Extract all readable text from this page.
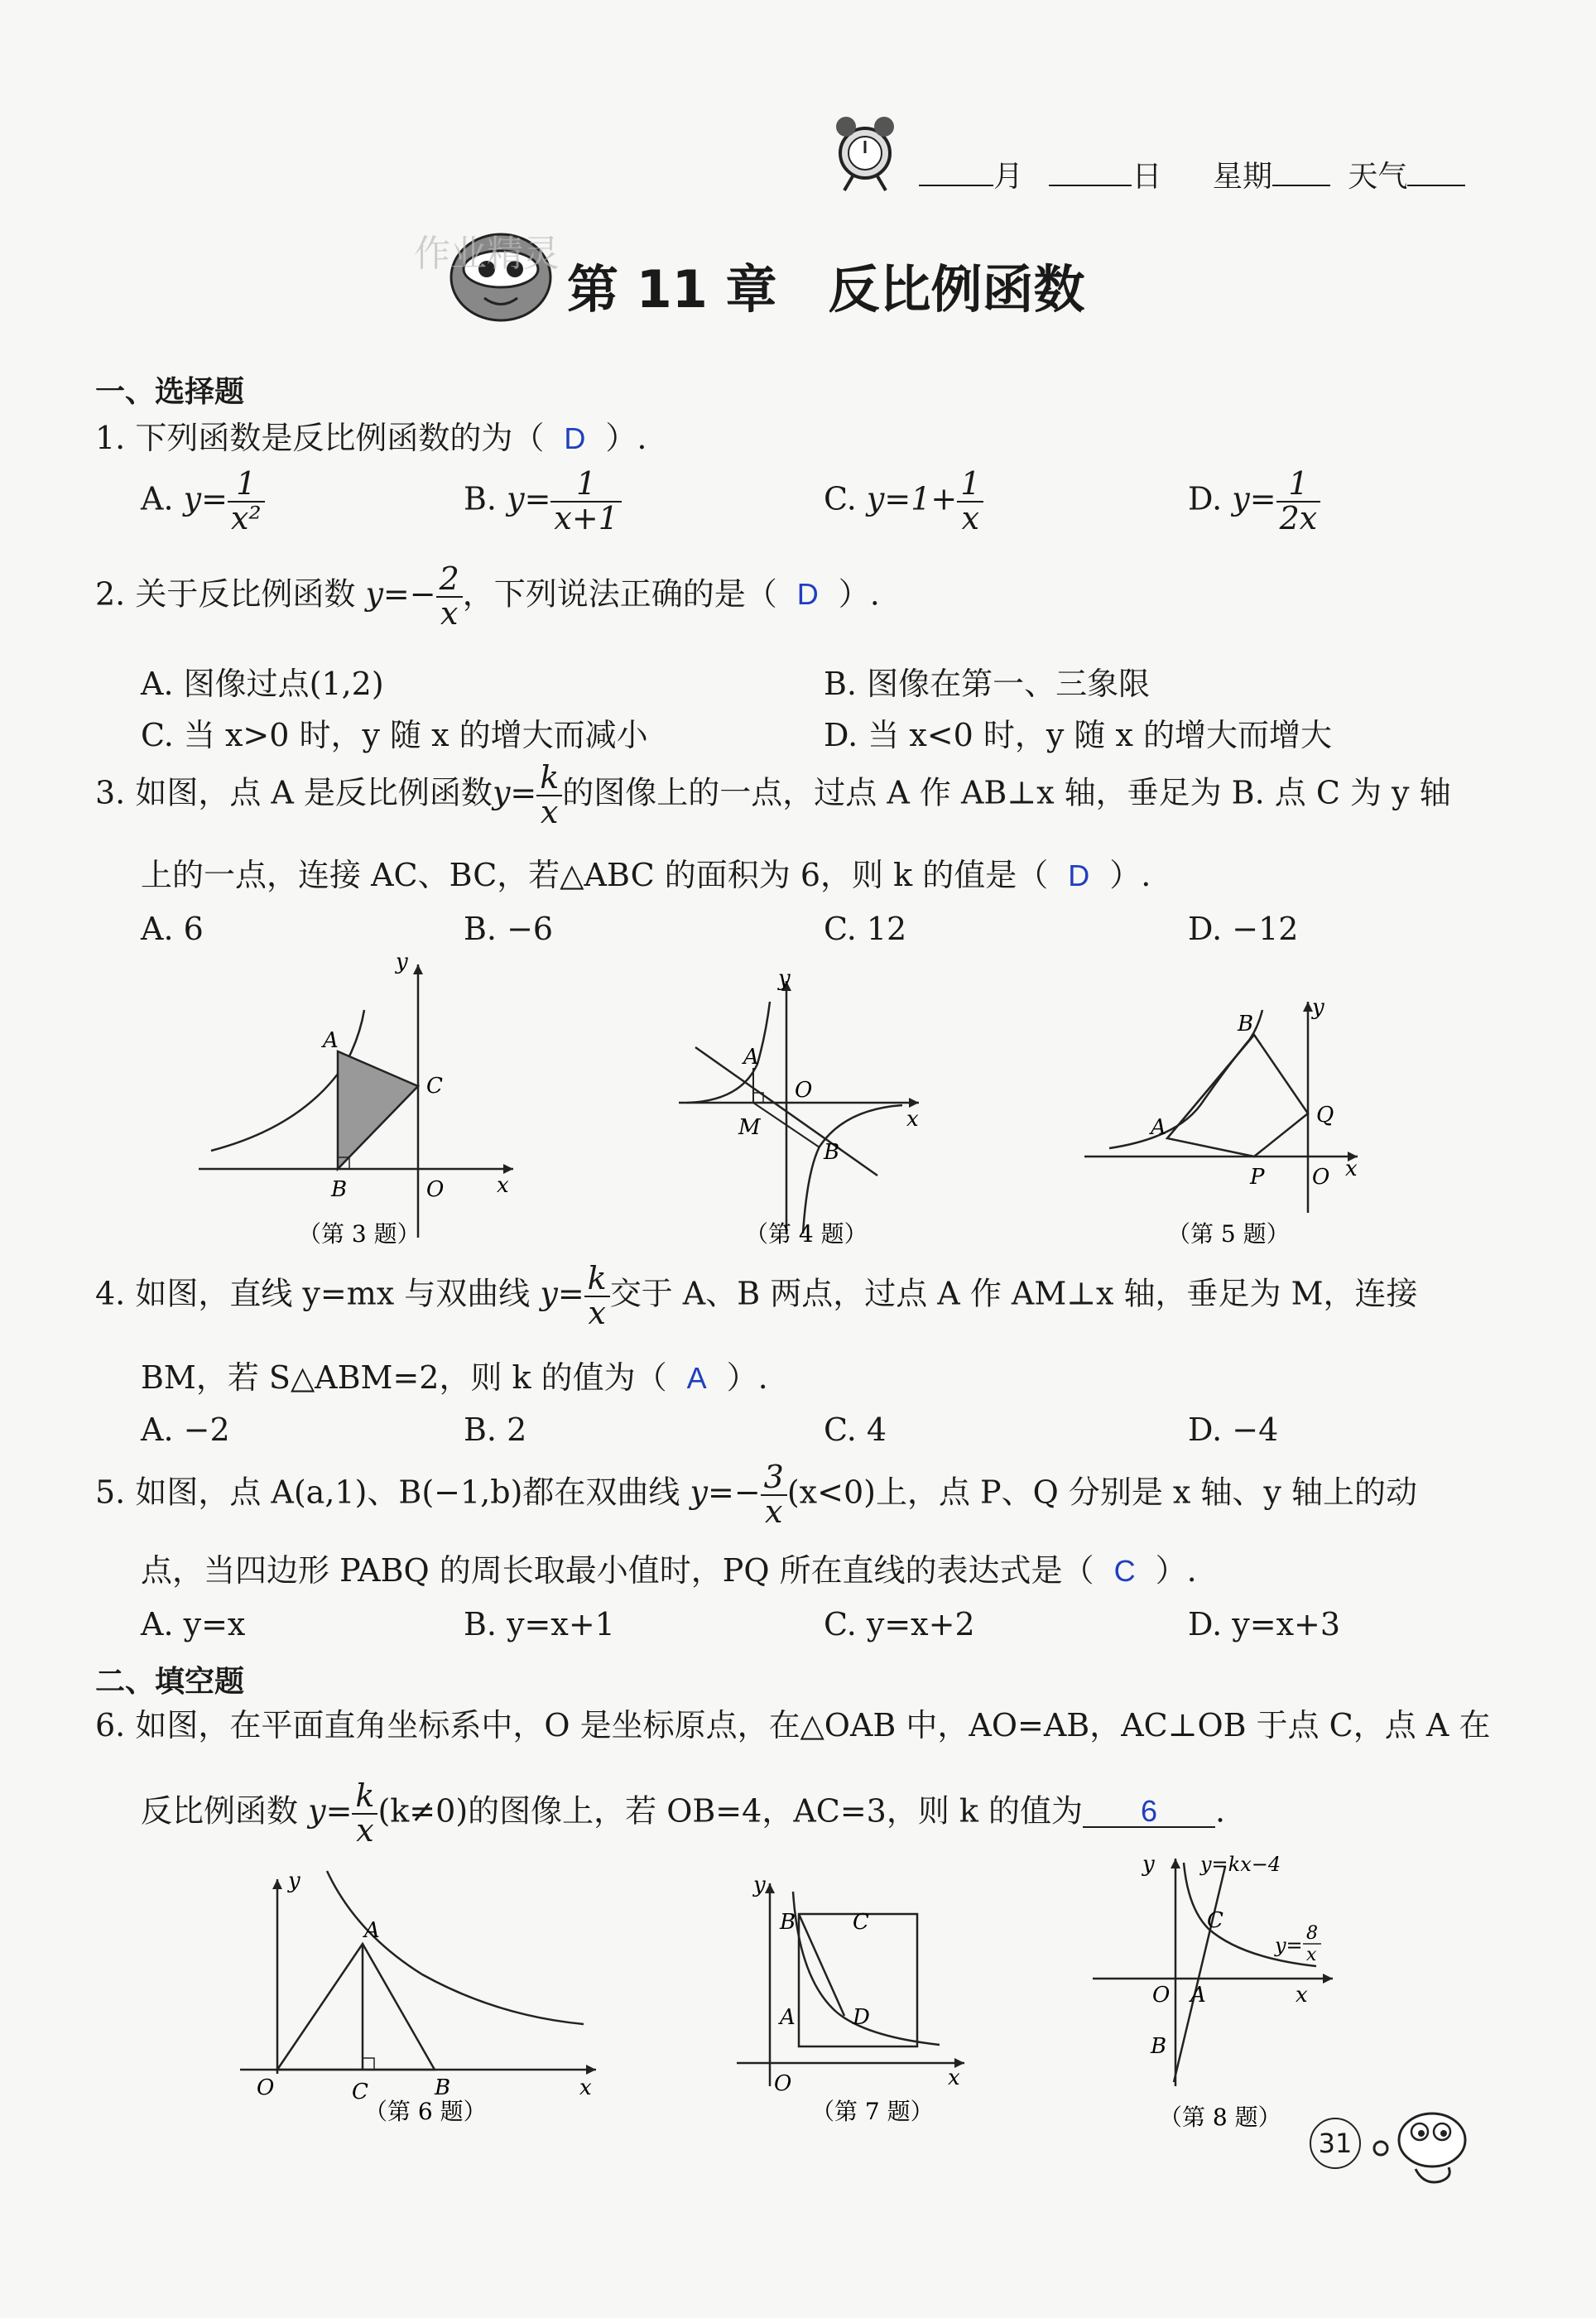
月	日 星期	天气
作业精灵
第 11 章　反比例函数
一、选择题
1. 下列函数是反比例函数的为（ D ）.
A. $y= \frac{1}{\text{x²}}$	B. $y= \frac{1}{x+1}$	C. $y=1+ \frac{1}{x}$	D. $y= \frac{1}{2x}$
2. 关于反比例函数 $y=- \frac{2}{x}$ ，下列说法正确的是（ D ）.
A. 图像过点(1,2)	B. 图像在第一、三象限
C. 当 x>0 时，y 随 x 的增大而减小	D. 当 x<0 时，y 随 x 的增大而增大
3. 如图，点 A 是反比例函数$y= \frac{k}{x}$ 的图像上的一点，过点 A 作 AB⊥x 轴，垂足为 B. 点 C 为 y 轴
上的一点，连接 AC、BC，若△ABC 的面积为 6，则 k 的值是（ D ）.
A. 6	B. −6	C. 12	D. −12
y
A
C
B	O x
（第 3 题）
y
A
O
M
B
x
（第 4 题）
y
B
A	Q
P O x
（第 5 题）
4. 如图，直线 y=mx 与双曲线 $y= \frac{k}{x}$ 交于 A、B 两点，过点 A 作 AM⊥x 轴，垂足为 M，连接
BM，若 S△ABM=2，则 k 的值为（ A ）.
A. −2	B. 2	C. 4	D. −4
5. 如图，点 A(a,1)、B(−1,b)都在双曲线 $y=- \frac{3}{x} (x<0)$上，点 P、Q 分别是 x 轴、y 轴上的动
点，当四边形 PABQ 的周长取最小值时，PQ 所在直线的表达式是（ C ）.
A. y=x	B. y=x+1	C. y=x+2	D. y=x+3
二、填空题
6. 如图，在平面直角坐标系中，O 是坐标原点，在△OAB 中，AO=AB，AC⊥OB 于点 C，点 A 在
反比例函数 $y= \frac{k}{x} (k\ne 0)$的图像上，若 OB=4，AC=3，则 k 的值为 6 .
y
A
O	C	B	x
（第 6 题）
y
B	C
A	D
O	x
（第 7 题）
y y=kx−4
C
y=
8
x
O A
B
x
（第 8 题）
31
